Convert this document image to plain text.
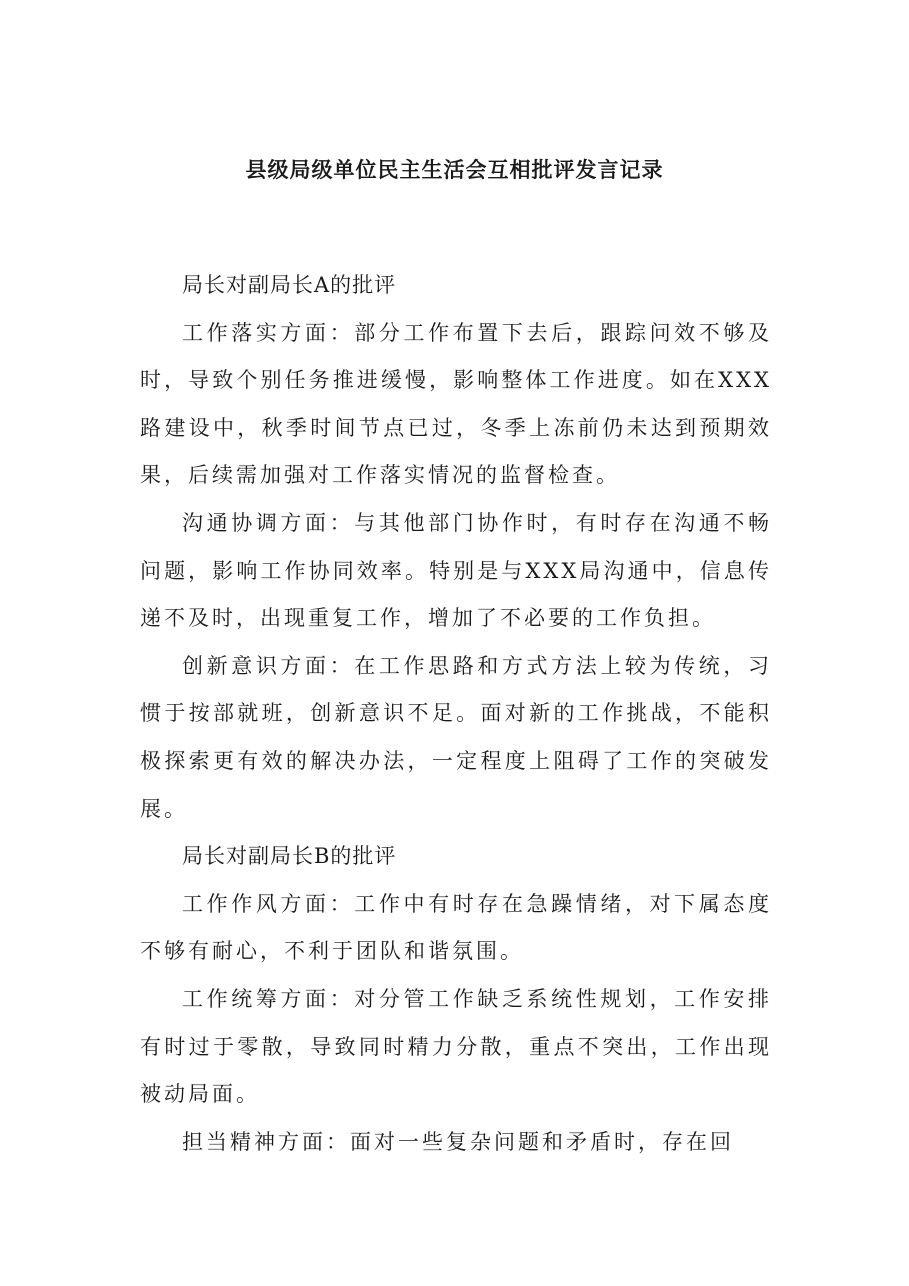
县级局级单位民主生活会互相批评发言记录

局长对副局长A的批评

工作落实方面：部分工作布置下去后，跟踪问效不够及时，导致个别任务推进缓慢，影响整体工作进度。如在XXX路建设中，秋季时间节点已过，冬季上冻前仍未达到预期效果，后续需加强对工作落实情况的监督检查。

沟通协调方面：与其他部门协作时，有时存在沟通不畅问题，影响工作协同效率。特别是与XXX局沟通中，信息传递不及时，出现重复工作，增加了不必要的工作负担。

创新意识方面：在工作思路和方式方法上较为传统，习惯于按部就班，创新意识不足。面对新的工作挑战，不能积极探索更有效的解决办法，一定程度上阻碍了工作的突破发展。

局长对副局长B的批评

工作作风方面：工作中有时存在急躁情绪，对下属态度不够有耐心，不利于团队和谐氛围。

工作统筹方面：对分管工作缺乏系统性规划，工作安排有时过于零散，导致同时精力分散，重点不突出，工作出现被动局面。

担当精神方面：面对一些复杂问题和矛盾时，存在回
